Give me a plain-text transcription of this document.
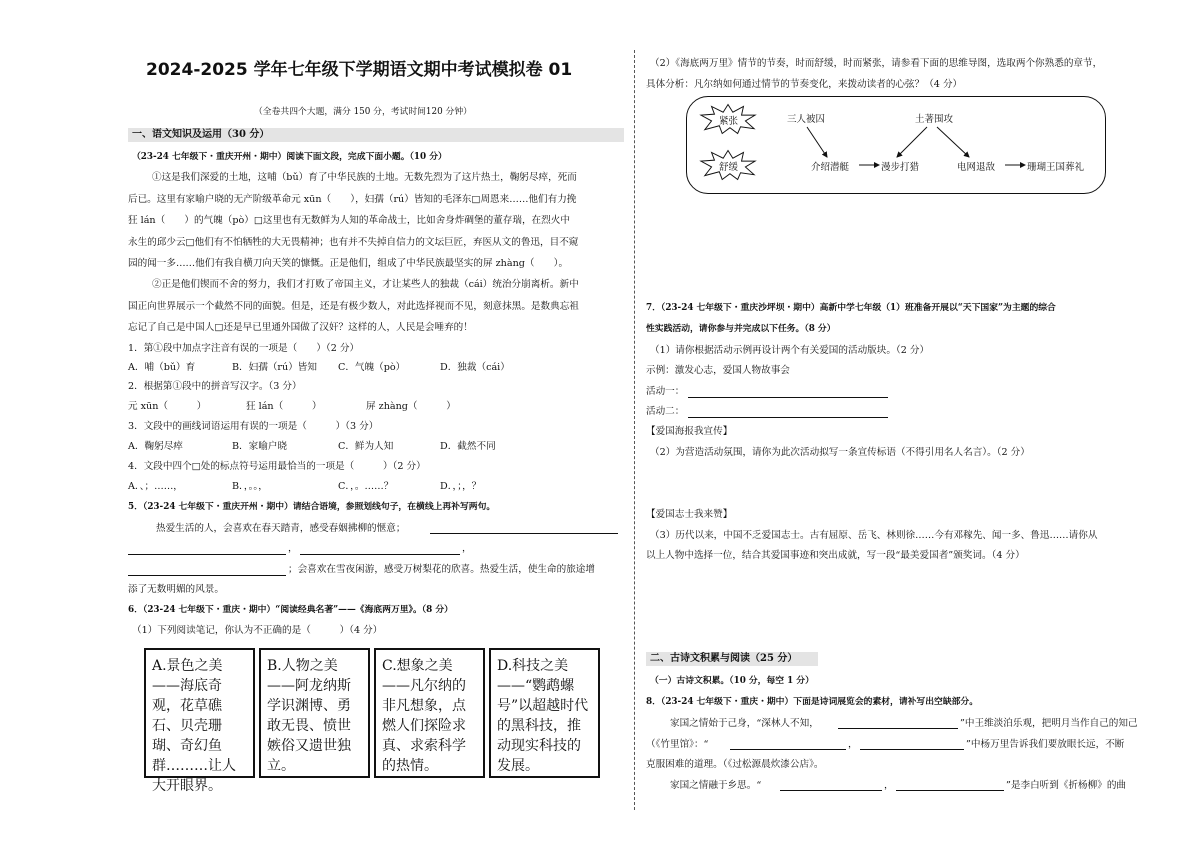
2024-2025 学年七年级下学期语文期中考试模拟卷 01
（全卷共四个大题，满分 150 分，考试时间120 分钟）
一、语文知识及运用（30 分）
（23-24 七年级下・重庆开州・期中）阅读下面文段，完成下面小题。（10 分）
①这是我们深爱的土地，这哺（bǔ）育了中华民族的土地。无数先烈为了这片热土，鞠躬尽瘁，死而
后已。这里有家喻户晓的无产阶级革命元 xūn（　　），妇孺（rú）皆知的毛泽东□周恩来……他们有力挽
狂 lán（　　）的气魄（pò）□这里也有无数鲜为人知的革命战士，比如舍身炸碉堡的董存瑞，在烈火中
永生的邱少云□他们有不怕牺牲的大无畏精神；也有并不失掉自信力的文坛巨匠，弃医从文的鲁迅，目不窥
园的闻一多……他们有我自横刀向天笑的慷慨。正是他们，组成了中华民族最坚实的屏 zhàng（　　）。
②正是他们锲而不舍的努力，我们才打败了帝国主义，才让某些人的独裁（cái）统治分崩离析。新中
国正向世界展示一个截然不同的面貌。但是，还是有极少数人，对此选择视而不见，刻意抹黑。是数典忘祖
忘记了自己是中国人□还是早已里通外国做了汉奸？这样的人，人民是会唾弃的！
1．第①段中加点字注音有误的一项是（　　）（2 分）
A．哺（bǔ）育	B．妇孺（rú）皆知 C．气魄（pò）	D．独裁（cái）
2．根据第①段中的拼音写汉字。（3 分）
元 xūn（　　　）	狂 lán（　　　）	屏 zhàng（　　　）
3．文段中的画线词语运用有误的一项是（　　　）（3 分）
A．鞠躬尽瘁	B．家喻户晓	C．鲜为人知	D．截然不同
4．文段中四个□处的标点符号运用最恰当的一项是（　　　）（2 分）
A．、；……，	B．，。。，	C．，。……？	D．，；，？
5．（23-24 七年级下・重庆开州・期中）请结合语境，参照划线句子，在横线上再补写两句。
热爱生活的人，会喜欢在春天踏青，感受春姻拂柳的惬意；
，	，
；会喜欢在雪夜闲游，感受万树梨花的欣喜。热爱生活，使生命的旅途增
添了无数明媚的风景。
6．（23-24 七年级下・重庆・期中）“阅读经典名著”——《海底两万里》。（8 分）
（1）下列阅读笔记，你认为不正确的是（　　　）（4 分）
A.景色之美——海底奇观，花草礁石、贝壳珊瑚、奇幻鱼群………让人大开眼界。
B.人物之美——阿龙纳斯学识渊博、勇敢无畏、愤世嫉俗又遗世独立。
C.想象之美——凡尔纳的非凡想象，点燃人们探险求真、求索科学的热情。
D.科技之美——“鹦鹉螺号”以超越时代的黑科技，推动现实科技的发展。
（2）《海底两万里》情节的节奏，时而舒缓，时而紧张，请参看下面的思维导图，选取两个你熟悉的章节，
具体分析：凡尔纳如何通过情节的节奏变化，来拨动读者的心弦？（4 分）
紧张
舒缓
三人被囚	土著围攻
介绍潜艇	漫步打猎	电网退敌	珊瑚王国葬礼
7．（23-24 七年级下・重庆沙坪坝・期中）高新中学七年级（1）班准备开展以“天下国家”为主题的综合
性实践活动，请你参与并完成以下任务。（8 分）
（1）请你根据活动示例再设计两个有关爱国的活动版块。（2 分）
示例：激发心志，爱国人物故事会
活动一：
活动二：
【爱国海报我宣传】
（2）为营造活动氛围，请你为此次活动拟写一条宣传标语（不得引用名人名言）。（2 分）
【爱国志士我来赞】
（3）历代以来，中国不乏爱国志士。古有屈原、岳飞、林则徐……今有邓稼先、闻一多、鲁迅……请你从
以上人物中选择一位，结合其爱国事迹和突出成就，写一段“最美爱国者”颁奖词。（4 分）
二、古诗文积累与阅读（25 分）
（一）古诗文积累。（10 分，每空 1 分）
8．（23-24 七年级下・重庆・期中）下面是诗词展览会的素材，请补写出空缺部分。
家国之情始于己身，“深林人不知，	”中王维淡泊乐观，把明月当作自己的知己
（《竹里馆》：“	，	”中杨万里告诉我们要放眼长远，不断
克服困难的道理。（《过松源晨炊漆公店》。
家国之情融于乡思。“	，	”是李白听到《折杨柳》的曲
